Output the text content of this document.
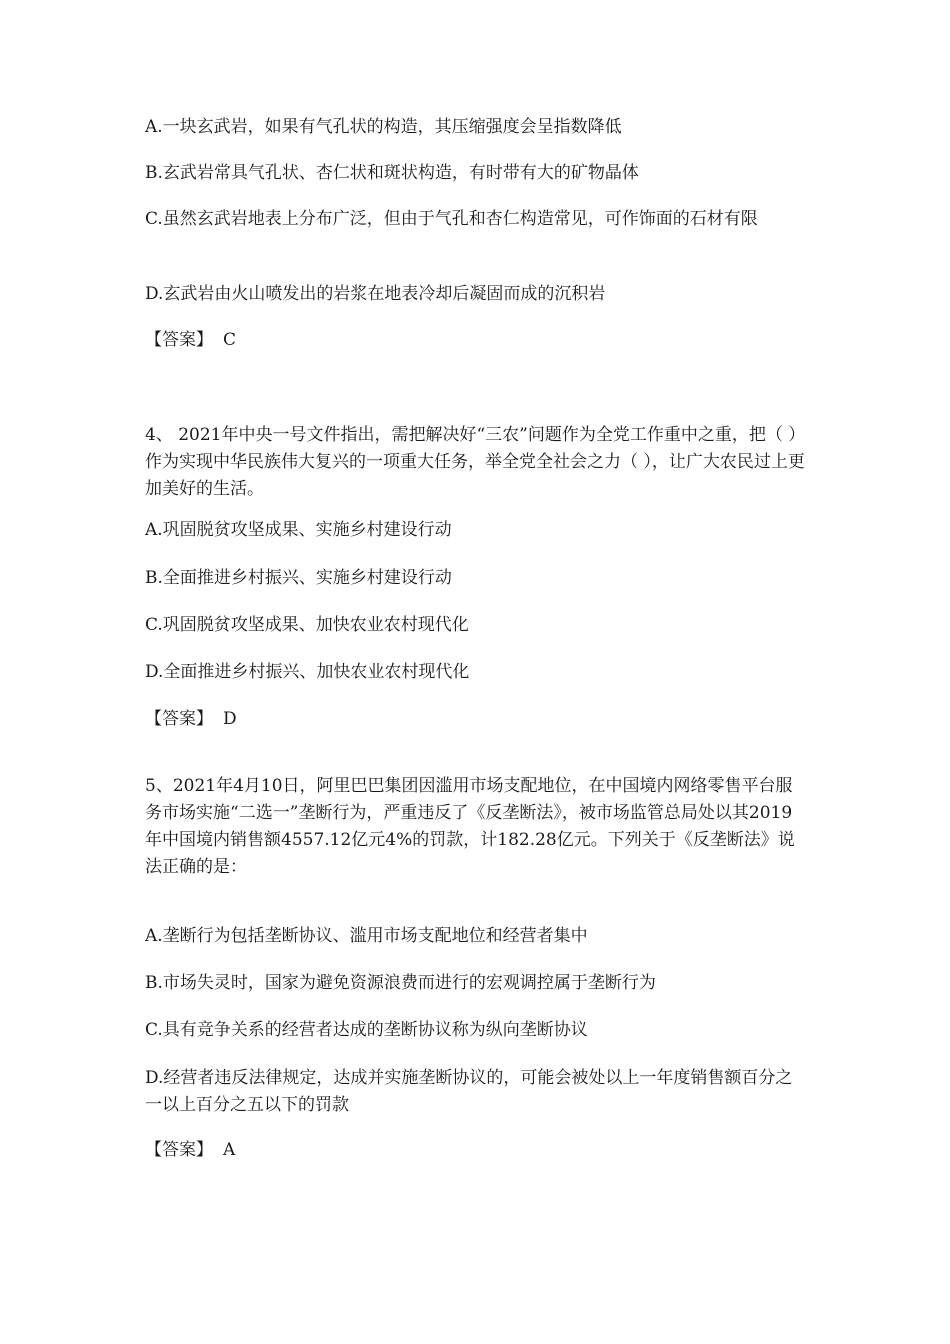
A.一块玄武岩，如果有气孔状的构造，其压缩强度会呈指数降低
B.玄武岩常具气孔状、杏仁状和斑状构造，有时带有大的矿物晶体
C.虽然玄武岩地表上分布广泛，但由于气孔和杏仁构造常见，可作饰面的石材有限
D.玄武岩由火山喷发出的岩浆在地表冷却后凝固而成的沉积岩
【答案】 C
4、 2021年中央一号文件指出，需把解决好“三农”问题作为全党工作重中之重，把（ ）作为实现中华民族伟大复兴的一项重大任务，举全党全社会之力（ ），让广大农民过上更加美好的生活。
A.巩固脱贫攻坚成果、实施乡村建设行动
B.全面推进乡村振兴、实施乡村建设行动
C.巩固脱贫攻坚成果、加快农业农村现代化
D.全面推进乡村振兴、加快农业农村现代化
【答案】 D
5、2021年4月10日，阿里巴巴集团因滥用市场支配地位，在中国境内网络零售平台服务市场实施“二选一”垄断行为，严重违反了《反垄断法》，被市场监管总局处以其2019年中国境内销售额4557.12亿元4%的罚款，计182.28亿元。下列关于《反垄断法》说法正确的是：
A.垄断行为包括垄断协议、滥用市场支配地位和经营者集中
B.市场失灵时，国家为避免资源浪费而进行的宏观调控属于垄断行为
C.具有竞争关系的经营者达成的垄断协议称为纵向垄断协议
D.经营者违反法律规定，达成并实施垄断协议的，可能会被处以上一年度销售额百分之一以上百分之五以下的罚款
【答案】 A
